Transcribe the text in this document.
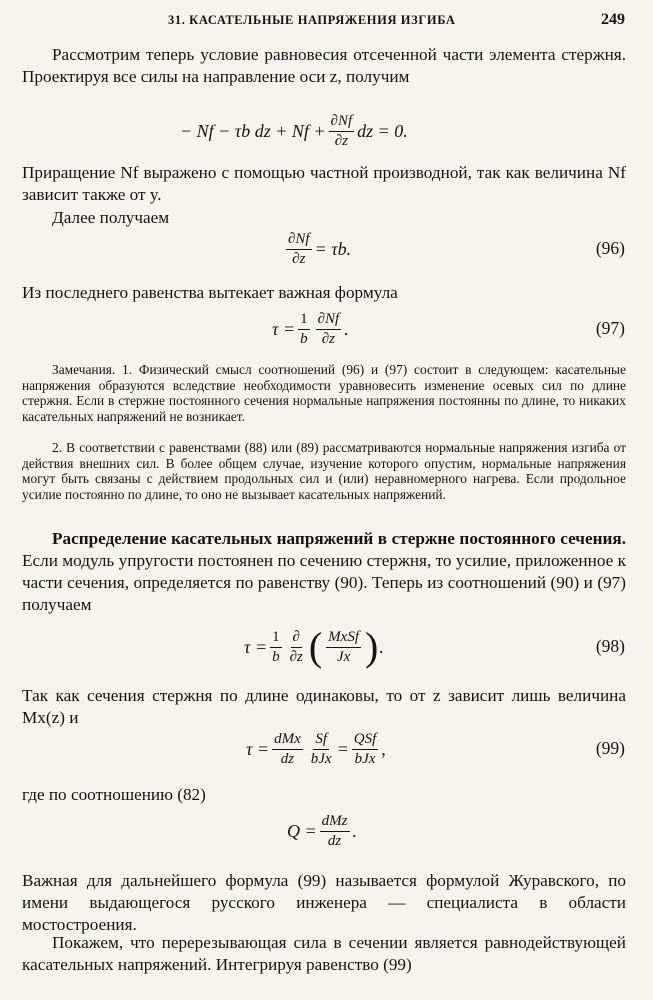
31. КАСАТЕЛЬНЫЕ НАПРЯЖЕНИЯ ИЗГИБА	249

Рассмотрим теперь условие равновесия отсеченной части элемента стержня. Проектируя все силы на направление оси z, получим

− Nf − τb dz + $Nf + \frac{\partial Nf}{\partial z}$ dz = 0.

Приращение Nf выражено с помощью частной производной, так как величина Nf зависит также от y.

Далее получаем

$\frac{\partial Nf}{\partial z} = \tau b$.	(96)

Из последнего равенства вытекает важная формула

$\tau = \frac{1}{b} \frac{\partial Nf}{\partial z}$ .	(97)

Замечания. 1. Физический смысл соотношений (96) и (97) состоит в следующем: касательные напряжения образуются вследствие необходимости уравновесить изменение осевых сил по длине стержня. Если в стержне постоянного сечения нормальные напряжения постоянны по длине, то никаких касательных напряжений не возникает.

2. В соответствии с равенствами (88) или (89) рассматриваются нормальные напряжения изгиба от действия внешних сил. В более общем случае, изучение которого опустим, нормальные напряжения могут быть связаны с действием продольных сил и (или) неравномерного нагрева. Если продольное усилие постоянно по длине, то оно не вызывает касательных напряжений.

Распределение касательных напряжений в стержне постоянного сечения. Если модуль упругости постоянен по сечению стержня, то усилие, приложенное к части сечения, определяется по равенству (90). Теперь из соотношений (90) и (97) получаем

$\tau = \frac{1}{b} \frac{\partial}{\partial z}$ ( $\frac{\text{MxSf}}{Jx}$ ) .	(98)

Так как сечения стержня по длине одинаковы, то от z зависит лишь величина Mx(z) и

$\tau = \frac{\text{dMx}}{dz} \frac{Sf}{\text{bJx}} = \frac{\text{QSf}}{\text{bJx}}$ ,	(99)

где по соотношению (82)

$Q = \frac{\text{dMz}}{dz}$ .

Важная для дальнейшего формула (99) называется формулой Журавского, по имени выдающегося русского инженера — специалиста в области мостостроения.

Покажем, что перерезывающая сила в сечении является равнодействующей касательных напряжений. Интегрируя равенство (99)
